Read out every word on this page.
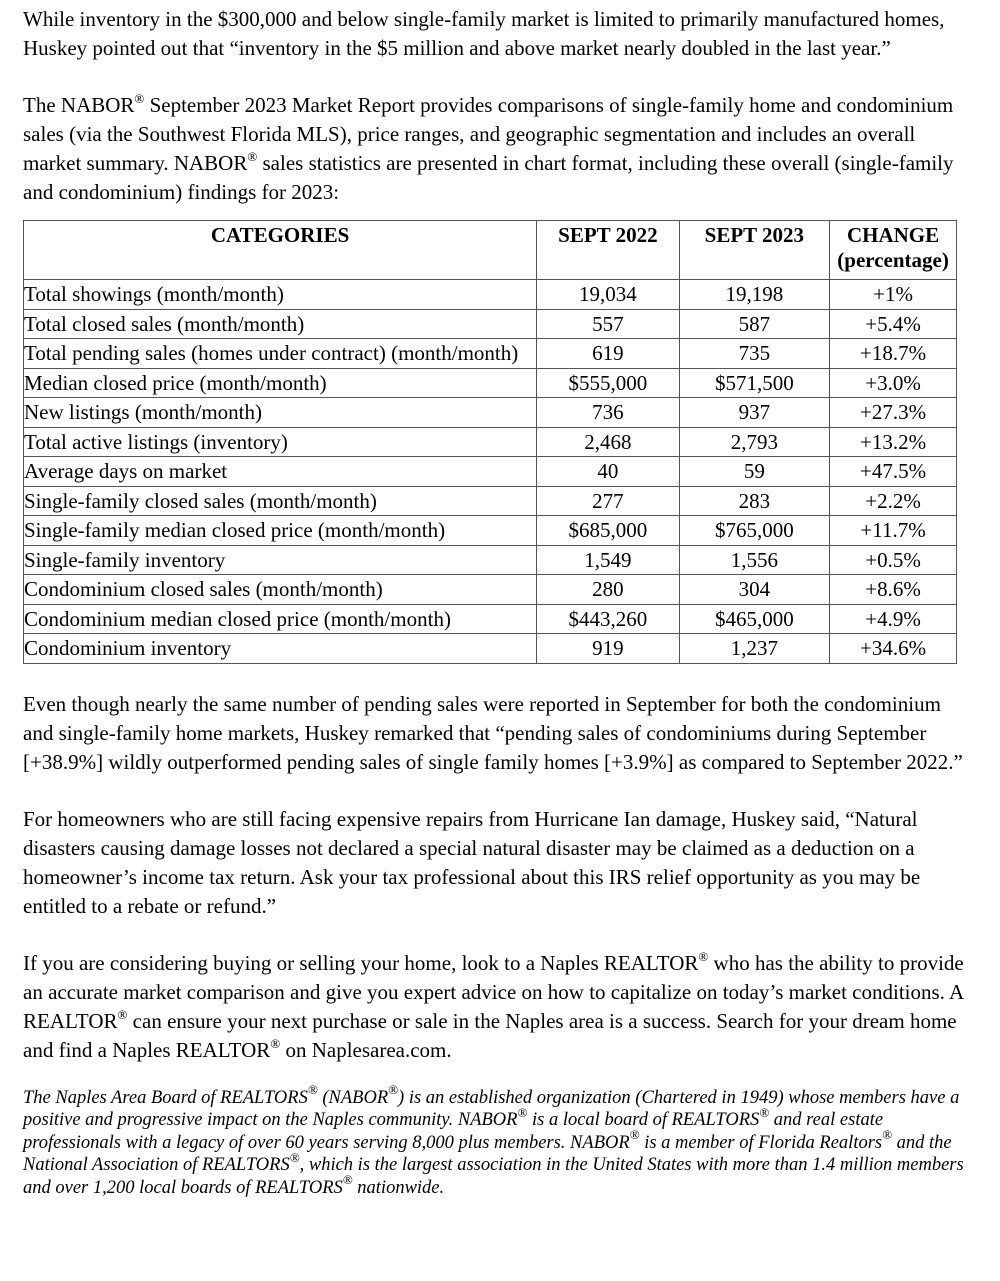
While inventory in the $300,000 and below single-family market is limited to primarily manufactured homes, Huskey pointed out that “inventory in the $5 million and above market nearly doubled in the last year.”

The NABOR® September 2023 Market Report provides comparisons of single-family home and condominium sales (via the Southwest Florida MLS), price ranges, and geographic segmentation and includes an overall market summary. NABOR® sales statistics are presented in chart format, including these overall (single-family and condominium) findings for 2023:

CATEGORIES	SEPT 2022	SEPT 2023	CHANGE
(percentage)
Total showings (month/month)	19,034	19,198	+1%
Total closed sales (month/month)	557	587	+5.4%
Total pending sales (homes under contract) (month/month)	619	735	+18.7%
Median closed price (month/month)	$555,000	$571,500	+3.0%
New listings (month/month)	736	937	+27.3%
Total active listings (inventory)	2,468	2,793	+13.2%
Average days on market	40	59	+47.5%
Single-family closed sales (month/month)	277	283	+2.2%
Single-family median closed price (month/month)	$685,000	$765,000	+11.7%
Single-family inventory	1,549	1,556	+0.5%
Condominium closed sales (month/month)	280	304	+8.6%
Condominium median closed price (month/month)	$443,260	$465,000	+4.9%
Condominium inventory	919	1,237	+34.6%

Even though nearly the same number of pending sales were reported in September for both the condominium and single-family home markets, Huskey remarked that “pending sales of condominiums during September [+38.9%] wildly outperformed pending sales of single family homes [+3.9%] as compared to September 2022.”

For homeowners who are still facing expensive repairs from Hurricane Ian damage, Huskey said, “Natural disasters causing damage losses not declared a special natural disaster may be claimed as a deduction on a homeowner’s income tax return. Ask your tax professional about this IRS relief opportunity as you may be entitled to a rebate or refund.”

If you are considering buying or selling your home, look to a Naples REALTOR® who has the ability to provide an accurate market comparison and give you expert advice on how to capitalize on today’s market conditions. A REALTOR® can ensure your next purchase or sale in the Naples area is a success. Search for your dream home and find a Naples REALTOR® on Naplesarea.com.

The Naples Area Board of REALTORS® (NABOR®) is an established organization (Chartered in 1949) whose members have a positive and progressive impact on the Naples community. NABOR® is a local board of REALTORS® and real estate professionals with a legacy of over 60 years serving 8,000 plus members. NABOR® is a member of Florida Realtors® and the National Association of REALTORS®, which is the largest association in the United States with more than 1.4 million members and over 1,200 local boards of REALTORS® nationwide.
